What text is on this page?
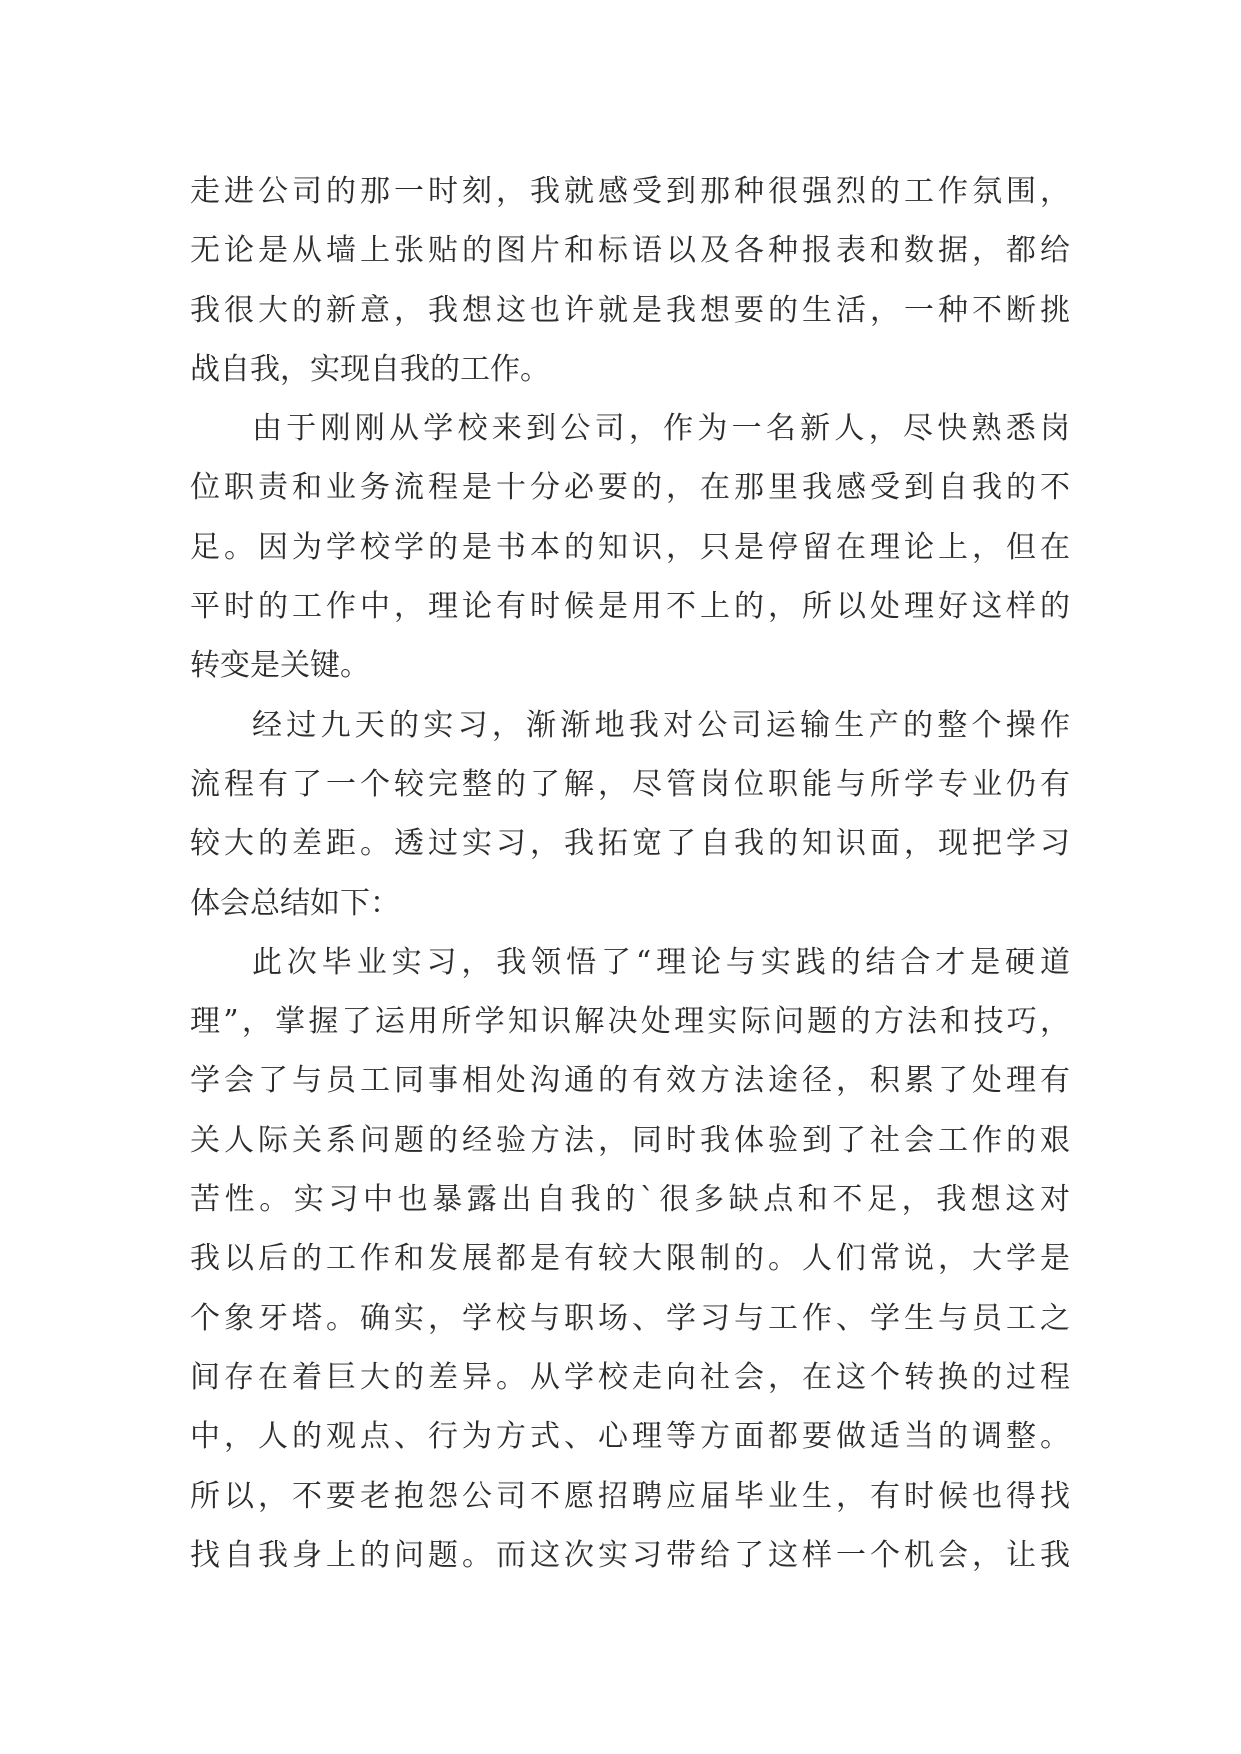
走进公司的那一时刻，我就感受到那种很强烈的工作氛围，
无论是从墙上张贴的图片和标语以及各种报表和数据，都给
我很大的新意，我想这也许就是我想要的生活，一种不断挑
战自我，实现自我的工作。
由于刚刚从学校来到公司，作为一名新人，尽快熟悉岗
位职责和业务流程是十分必要的，在那里我感受到自我的不
足。因为学校学的是书本的知识，只是停留在理论上，但在
平时的工作中，理论有时候是用不上的，所以处理好这样的
转变是关键。
经过九天的实习，渐渐地我对公司运输生产的整个操作
流程有了一个较完整的了解，尽管岗位职能与所学专业仍有
较大的差距。透过实习，我拓宽了自我的知识面，现把学习
体会总结如下：
此次毕业实习，我领悟了“理论与实践的结合才是硬道
理”，掌握了运用所学知识解决处理实际问题的方法和技巧，
学会了与员工同事相处沟通的有效方法途径，积累了处理有
关人际关系问题的经验方法，同时我体验到了社会工作的艰
苦性。实习中也暴露出自我的`很多缺点和不足，我想这对
我以后的工作和发展都是有较大限制的。人们常说，大学是
个象牙塔。确实，学校与职场、学习与工作、学生与员工之
间存在着巨大的差异。从学校走向社会，在这个转换的过程
中，人的观点、行为方式、心理等方面都要做适当的调整。
所以，不要老抱怨公司不愿招聘应届毕业生，有时候也得找
找自我身上的问题。而这次实习带给了这样一个机会，让我
